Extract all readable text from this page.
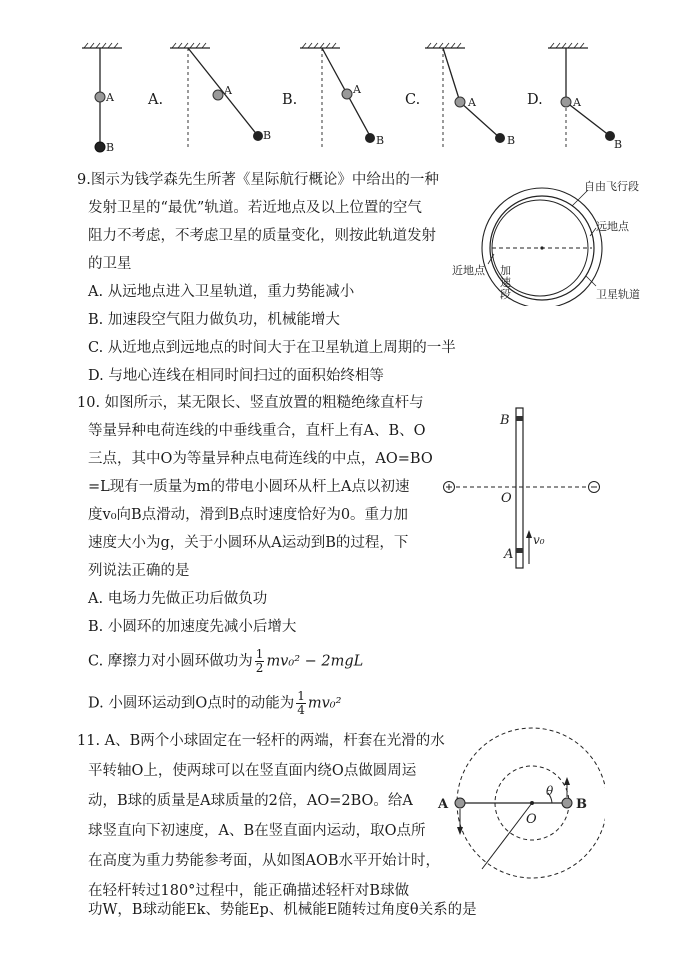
A
B
A
B
A
B
A
B
A
B
A.	B.	C.	D.
9.图示为钱学森先生所著《星际航行概论》中给出的一种
发射卫星的“最优”轨道。若近地点及以上位置的空气
阻力不考虑，不考虑卫星的质量变化，则按此轨道发射
的卫星
A. 从远地点进入卫星轨道，重力势能减小
B. 加速段空气阻力做负功，机械能增大
C. 从近地点到远地点的时间大于在卫星轨道上周期的一半
D. 与地心连线在相同时间扫过的面积始终相等
自由飞行段
远地点
近地点 加
速
段	卫星轨道
10. 如图所示，某无限长、竖直放置的粗糙绝缘直杆与
等量异种电荷连线的中垂线重合，直杆上有A、B、O
三点，其中O为等量异种点电荷连线的中点，AO=BO
=L现有一质量为m的带电小圆环从杆上A点以初速
度v₀向B点滑动，滑到B点时速度恰好为0。重力加
速度大小为g，关于小圆环从A运动到B的过程，下
列说法正确的是
A. 电场力先做正功后做负功
B. 小圆环的加速度先减小后增大
C. 摩擦力对小圆环做功为 $\frac{1}{2} mv_0^2 - 2mgL$
D. 小圆环运动到O点时的动能为 $\frac{1}{4} mv_0^2$
B
O
A
v₀
11. A、B两个小球固定在一轻杆的两端，杆套在光滑的水
平转轴O上，使两球可以在竖直面内绕O点做圆周运
动，B球的质量是A球质量的2倍，AO=2BO。给A
球竖直向下初速度，A、B在竖直面内运动，取O点所
在高度为重力势能参考面，从如图AOB水平开始计时，
在轻杆转过180°过程中，能正确描述轻杆对B球做
功W，B球动能Ek、势能Ep、机械能E随转过角度θ关系的是
A	B
O
θ
